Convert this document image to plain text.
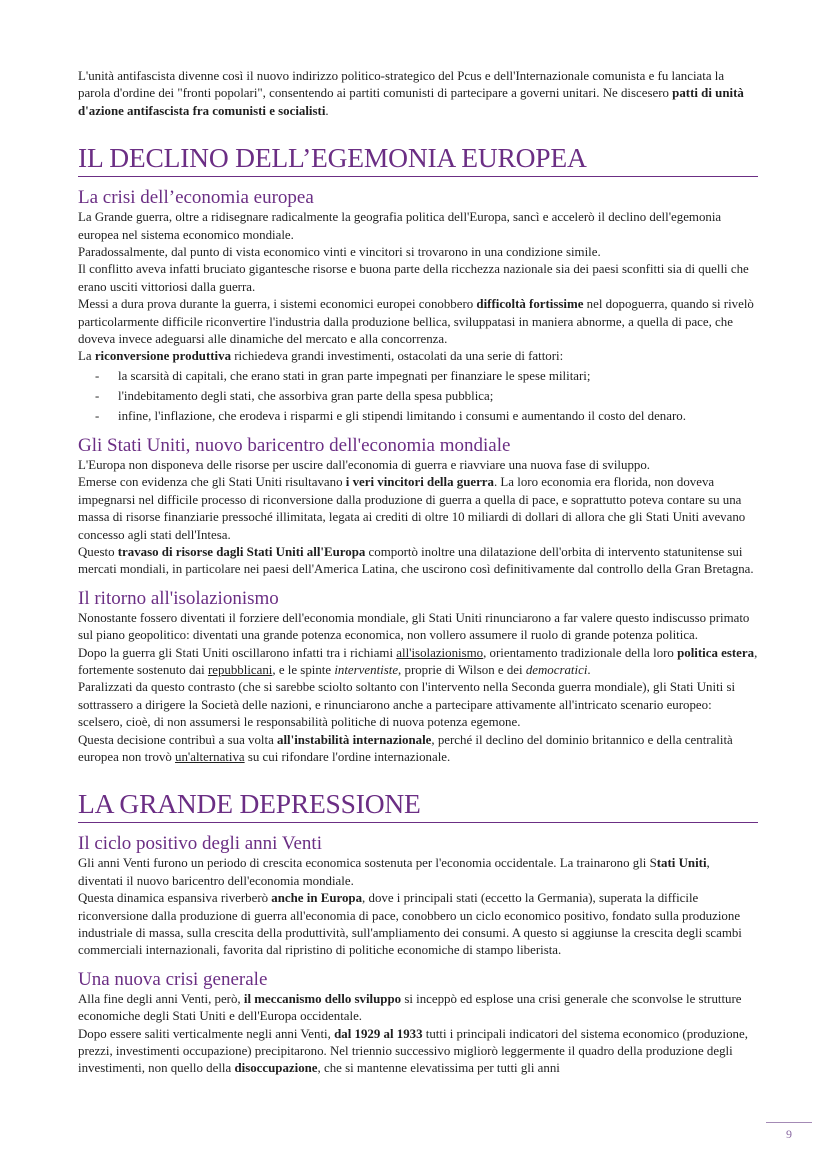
L'unità antifascista divenne così il nuovo indirizzo politico-strategico del Pcus e dell'Internazionale comunista e fu lanciata la parola d'ordine dei "fronti popolari", consentendo ai partiti comunisti di partecipare a governi unitari. Ne discesero patti di unità d'azione antifascista fra comunisti e socialisti.

IL DECLINO DELL’EGEMONIA EUROPEA
La crisi dell’economia europea

La Grande guerra, oltre a ridisegnare radicalmente la geografia politica dell'Europa, sancì e accelerò il declino dell'egemonia europea nel sistema economico mondiale.

Paradossalmente, dal punto di vista economico vinti e vincitori si trovarono in una condizione simile.

Il conflitto aveva infatti bruciato gigantesche risorse e buona parte della ricchezza nazionale sia dei paesi sconfitti sia di quelli che erano usciti vittoriosi dalla guerra.

Messi a dura prova durante la guerra, i sistemi economici europei conobbero difficoltà fortissime nel dopoguerra, quando si rivelò particolarmente difficile riconvertire l'industria dalla produzione bellica, sviluppatasi in maniera abnorme, a quella di pace, che doveva invece adeguarsi alle dinamiche del mercato e alla concorrenza.

La riconversione produttiva richiedeva grandi investimenti, ostacolati da una serie di fattori:

- la scarsità di capitali, che erano stati in gran parte impegnati per finanziare le spese militari;
- l'indebitamento degli stati, che assorbiva gran parte della spesa pubblica;
- infine, l'inflazione, che erodeva i risparmi e gli stipendi limitando i consumi e aumentando il costo del denaro.
Gli Stati Uniti, nuovo baricentro dell'economia mondiale

L'Europa non disponeva delle risorse per uscire dall'economia di guerra e riavviare una nuova fase di sviluppo.

Emerse con evidenza che gli Stati Uniti risultavano i veri vincitori della guerra. La loro economia era florida, non doveva impegnarsi nel difficile processo di riconversione dalla produzione di guerra a quella di pace, e soprattutto poteva contare su una massa di risorse finanziarie pressoché illimitata, legata ai crediti di oltre 10 miliardi di dollari di allora che gli Stati Uniti avevano concesso agli stati dell'Intesa.

Questo travaso di risorse dagli Stati Uniti all'Europa comportò inoltre una dilatazione dell'orbita di intervento statunitense sui mercati mondiali, in particolare nei paesi dell'America Latina, che uscirono così definitivamente dal controllo della Gran Bretagna.

Il ritorno all'isolazionismo

Nonostante fossero diventati il forziere dell'economia mondiale, gli Stati Uniti rinunciarono a far valere questo indiscusso primato sul piano geopolitico: diventati una grande potenza economica, non vollero assumere il ruolo di grande potenza politica.

Dopo la guerra gli Stati Uniti oscillarono infatti tra i richiami all'isolazionismo, orientamento tradizionale della loro politica estera, fortemente sostenuto dai repubblicani, e le spinte interventiste, proprie di Wilson e dei democratici.

Paralizzati da questo contrasto (che si sarebbe sciolto soltanto con l'intervento nella Seconda guerra mondiale), gli Stati Uniti si sottrassero a dirigere la Società delle nazioni, e rinunciarono anche a partecipare attivamente all'intricato scenario europeo: scelsero, cioè, di non assumersi le responsabilità politiche di nuova potenza egemone.

Questa decisione contribuì a sua volta all'instabilità internazionale, perché il declino del dominio britannico e della centralità europea non trovò un'alternativa su cui rifondare l'ordine internazionale.

LA GRANDE DEPRESSIONE
Il ciclo positivo degli anni Venti

Gli anni Venti furono un periodo di crescita economica sostenuta per l'economia occidentale. La trainarono gli Stati Uniti, diventati il nuovo baricentro dell'economia mondiale.

Questa dinamica espansiva riverberò anche in Europa, dove i principali stati (eccetto la Germania), superata la difficile riconversione dalla produzione di guerra all'economia di pace, conobbero un ciclo economico positivo, fondato sulla produzione industriale di massa, sulla crescita della produttività, sull'ampliamento dei consumi. A questo si aggiunse la crescita degli scambi commerciali internazionali, favorita dal ripristino di politiche economiche di stampo liberista.

Una nuova crisi generale

Alla fine degli anni Venti, però, il meccanismo dello sviluppo si inceppò ed esplose una crisi generale che sconvolse le strutture economiche degli Stati Uniti e dell'Europa occidentale.

Dopo essere saliti verticalmente negli anni Venti, dal 1929 al 1933 tutti i principali indicatori del sistema economico (produzione, prezzi, investimenti occupazione) precipitarono. Nel triennio successivo migliorò leggermente il quadro della produzione degli investimenti, non quello della disoccupazione, che si mantenne elevatissima per tutti gli anni

9
